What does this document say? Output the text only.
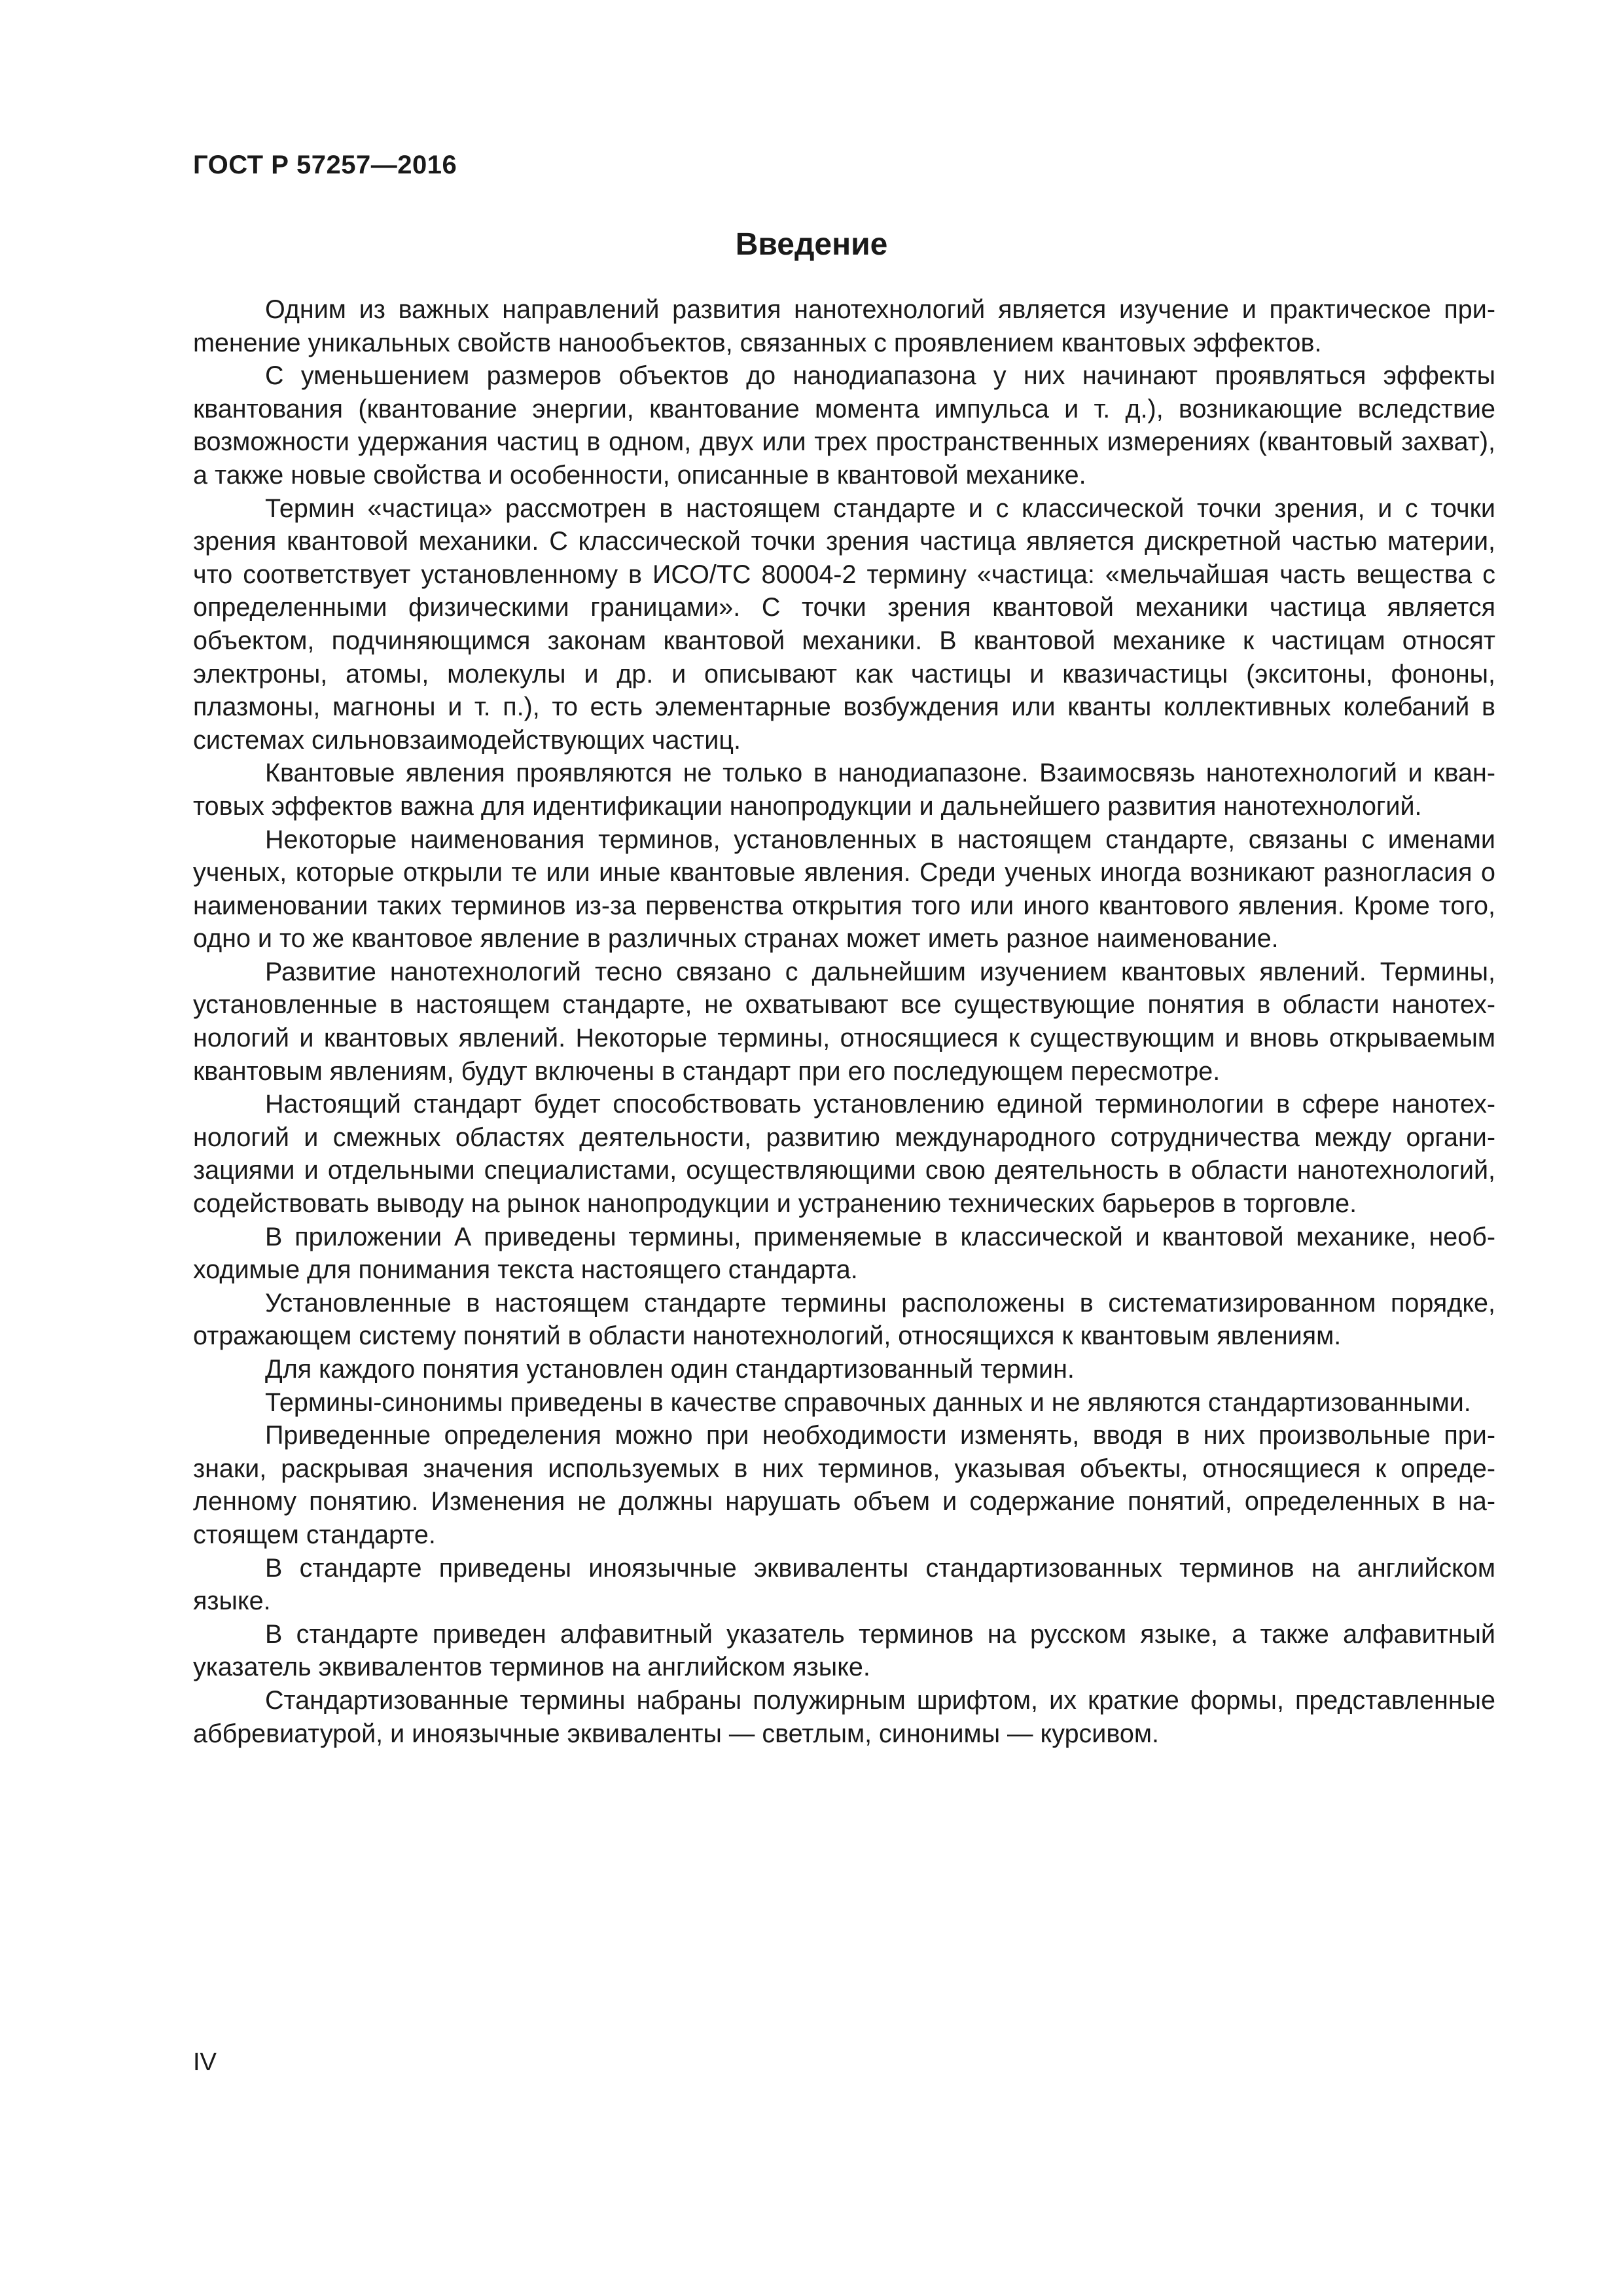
ГОСТ Р 57257—2016
Введение

Одним из важных направлений развития нанотехнологий является изучение и практическое приmенение уникальных свойств нанообъектов, связанных с проявлением квантовых эффектов.

С уменьшением размеров объектов до нанодиапазона у них начинают проявляться эффекты квантования (квантование энергии, квантование момента импульса и т. д.), возникающие вследствие возможности удержания частиц в одном, двух или трех пространственных измерениях (квантовый захват), а также новые свойства и особенности, описанные в квантовой механике.

Термин «частица» рассмотрен в настоящем стандарте и с классической точки зрения, и с точки зрения квантовой механики. С классической точки зрения частица является дискретной частью материи, что соответствует установленному в ИСО/ТС 80004-2 термину «частица: «мельчайшая часть вещества с определенными физическими границами». С точки зрения квантовой механики частица является объектом, подчиняющимся законам квантовой механики. В квантовой механике к частицам относят электроны, атомы, молекулы и др. и описывают как частицы и квазичастицы (экситоны, фононы, плазмоны, магноны и т. п.), то есть элементарные возбуждения или кванты коллективных колебаний в системах сильновзаимодействующих частиц.

Квантовые явления проявляются не только в нанодиапазоне. Взаимосвязь нанотехнологий и квантовых эффектов важна для идентификации нанопродукции и дальнейшего развития нанотехнологий.

Некоторые наименования терминов, установленных в настоящем стандарте, связаны с именами ученых, которые открыли те или иные квантовые явления. Среди ученых иногда возникают разногласия о наименовании таких терминов из-за первенства открытия того или иного квантового явления. Кроме того, одно и то же квантовое явление в различных странах может иметь разное наименование.

Развитие нанотехнологий тесно связано с дальнейшим изучением квантовых явлений. Термины, установленные в настоящем стандарте, не охватывают все существующие понятия в области нанотехнологий и квантовых явлений. Некоторые термины, относящиеся к существующим и вновь открываемым квантовым явлениям, будут включены в стандарт при его последующем пересмотре.

Настоящий стандарт будет способствовать установлению единой терминологии в сфере нанотехнологий и смежных областях деятельности, развитию международного сотрудничества между организациями и отдельными специалистами, осуществляющими свою деятельность в области нанотехнологий, содействовать выводу на рынок нанопродукции и устранению технических барьеров в торговле.

В приложении А приведены термины, применяемые в классической и квантовой механике, необходимые для понимания текста настоящего стандарта.

Установленные в настоящем стандарте термины расположены в систематизированном порядке, отражающем систему понятий в области нанотехнологий, относящихся к квантовым явлениям.

Для каждого понятия установлен один стандартизованный термин.

Термины-синонимы приведены в качестве справочных данных и не являются стандартизованными.

Приведенные определения можно при необходимости изменять, вводя в них произвольные признаки, раскрывая значения используемых в них терминов, указывая объекты, относящиеся к определенному понятию. Изменения не должны нарушать объем и содержание понятий, определенных в настоящем стандарте.

В стандарте приведены иноязычные эквиваленты стандартизованных терминов на английском языке.

В стандарте приведен алфавитный указатель терминов на русском языке, а также алфавитный указатель эквивалентов терминов на английском языке.

Стандартизованные термины набраны полужирным шрифтом, их краткие формы, представленные аббревиатурой, и иноязычные эквиваленты — светлым, синонимы — курсивом.

IV
